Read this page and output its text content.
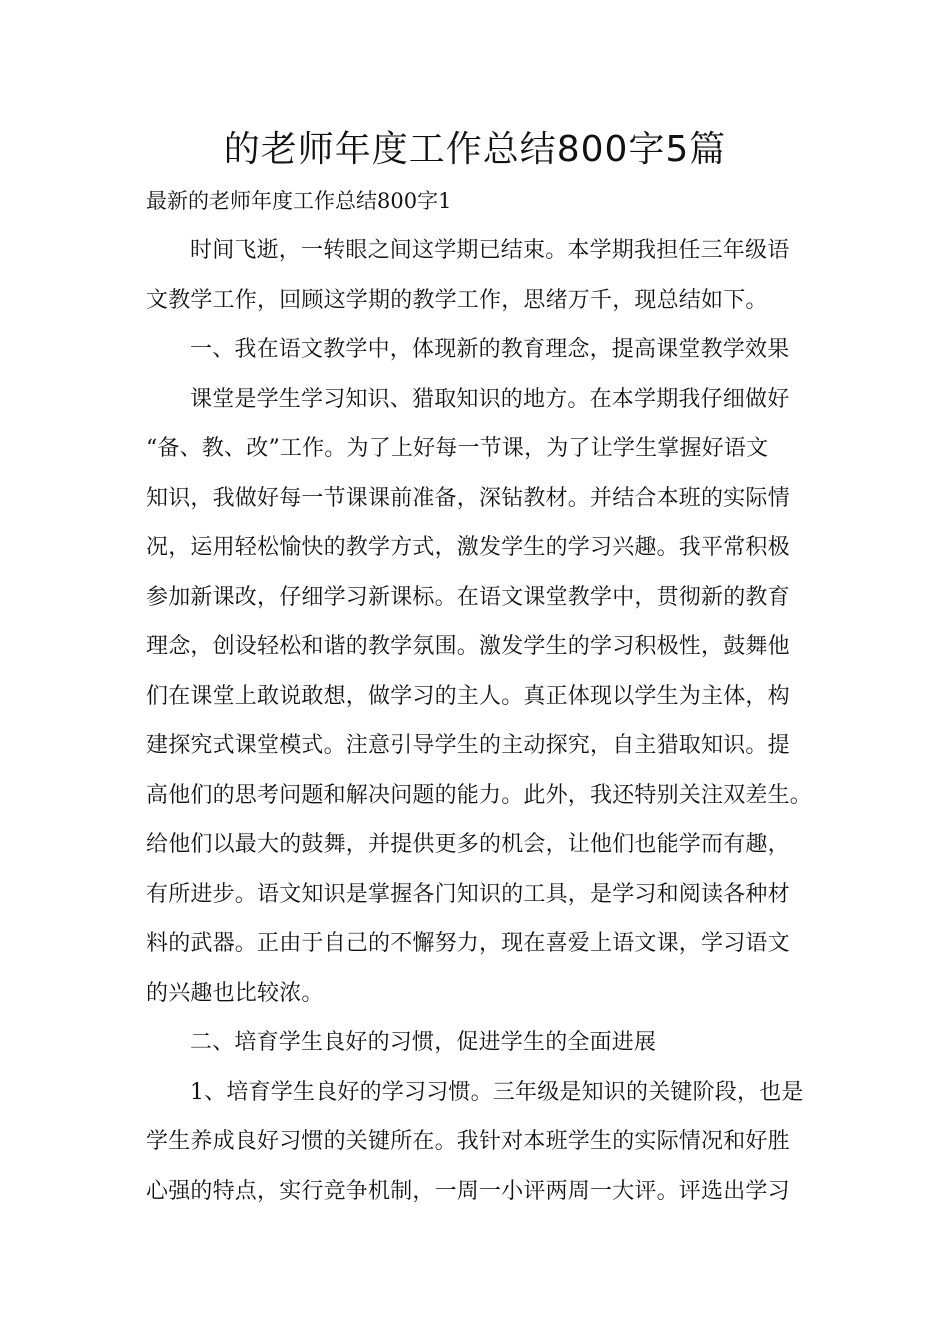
的老师年度工作总结800字5篇

最新的老师年度工作总结800字1

时间飞逝，一转眼之间这学期已结束。本学期我担任三年级语
文教学工作，回顾这学期的教学工作，思绪万千，现总结如下。
一、我在语文教学中，体现新的教育理念，提高课堂教学效果
课堂是学生学习知识、猎取知识的地方。在本学期我仔细做好
“备、教、改”工作。为了上好每一节课，为了让学生掌握好语文
知识，我做好每一节课课前准备，深钻教材。并结合本班的实际情
况，运用轻松愉快的教学方式，激发学生的学习兴趣。我平常积极
参加新课改，仔细学习新课标。在语文课堂教学中，贯彻新的教育
理念，创设轻松和谐的教学氛围。激发学生的学习积极性，鼓舞他
们在课堂上敢说敢想，做学习的主人。真正体现以学生为主体，构
建探究式课堂模式。注意引导学生的主动探究，自主猎取知识。提
高他们的思考问题和解决问题的能力。此外，我还特别关注双差生。
给他们以最大的鼓舞，并提供更多的机会，让他们也能学而有趣，
有所进步。语文知识是掌握各门知识的工具，是学习和阅读各种材
料的武器。正由于自己的不懈努力，现在喜爱上语文课，学习语文
的兴趣也比较浓。
二、培育学生良好的习惯，促进学生的全面进展
1、培育学生良好的学习习惯。三年级是知识的关键阶段，也是
学生养成良好习惯的关键所在。我针对本班学生的实际情况和好胜
心强的特点，实行竞争机制，一周一小评两周一大评。评选出学习
